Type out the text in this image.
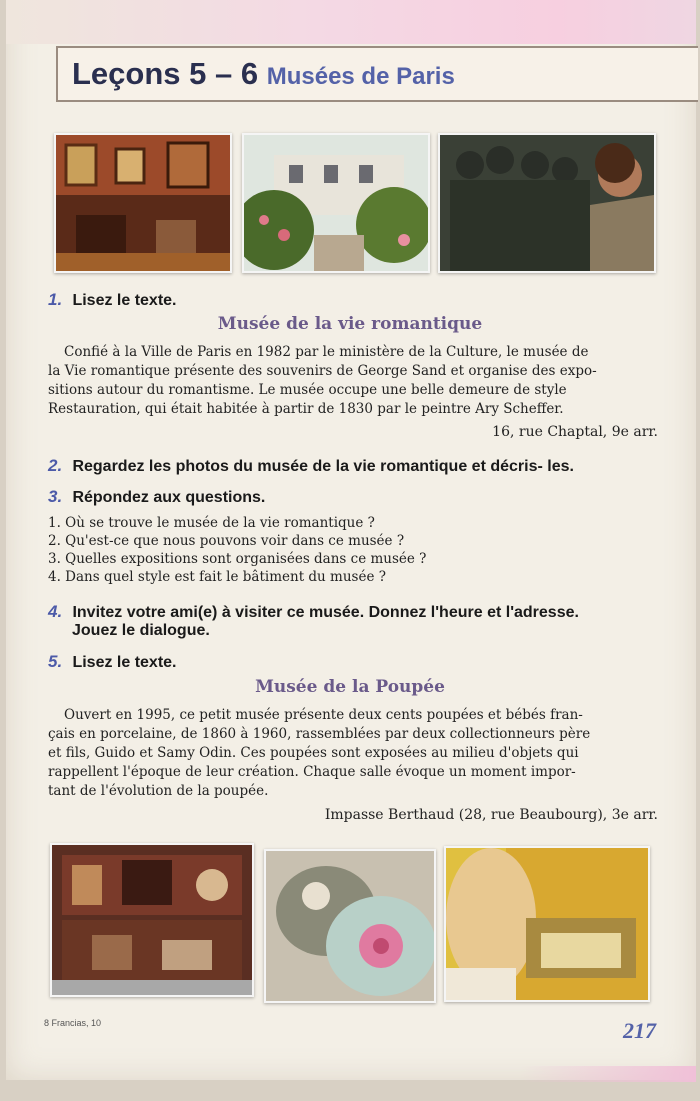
Leçons 5 – 6 Musées de Paris
1. Lisez le texte.
Musée de la vie romantique
Confié à la Ville de Paris en 1982 par le ministère de la Culture, le musée de
la Vie romantique présente des souvenirs de George Sand et organise des expo-
sitions autour du romantisme. Le musée occupe une belle demeure de style
Restauration, qui était habitée à partir de 1830 par le peintre Ary Scheffer.
16, rue Chaptal, 9e arr.
2. Regardez les photos du musée de la vie romantique et décris- les.
3. Répondez aux questions.
1. Où se trouve le musée de la vie romantique ?
2. Qu'est-ce que nous pouvons voir dans ce musée ?
3. Quelles expositions sont organisées dans ce musée ?
4. Dans quel style est fait le bâtiment du musée ?
4. Invitez votre ami(e) à visiter ce musée. Donnez l'heure et l'adresse.
Jouez le dialogue.
5. Lisez le texte.
Musée de la Poupée
Ouvert en 1995, ce petit musée présente deux cents poupées et bébés fran-
çais en porcelaine, de 1860 à 1960, rassemblées par deux collectionneurs père
et fils, Guido et Samy Odin. Ces poupées sont exposées au milieu d'objets qui
rappellent l'époque de leur création. Chaque salle évoque un moment impor-
tant de l'évolution de la poupée.
Impasse Berthaud (28, rue Beaubourg), 3e arr.
8 Francias, 10	217
